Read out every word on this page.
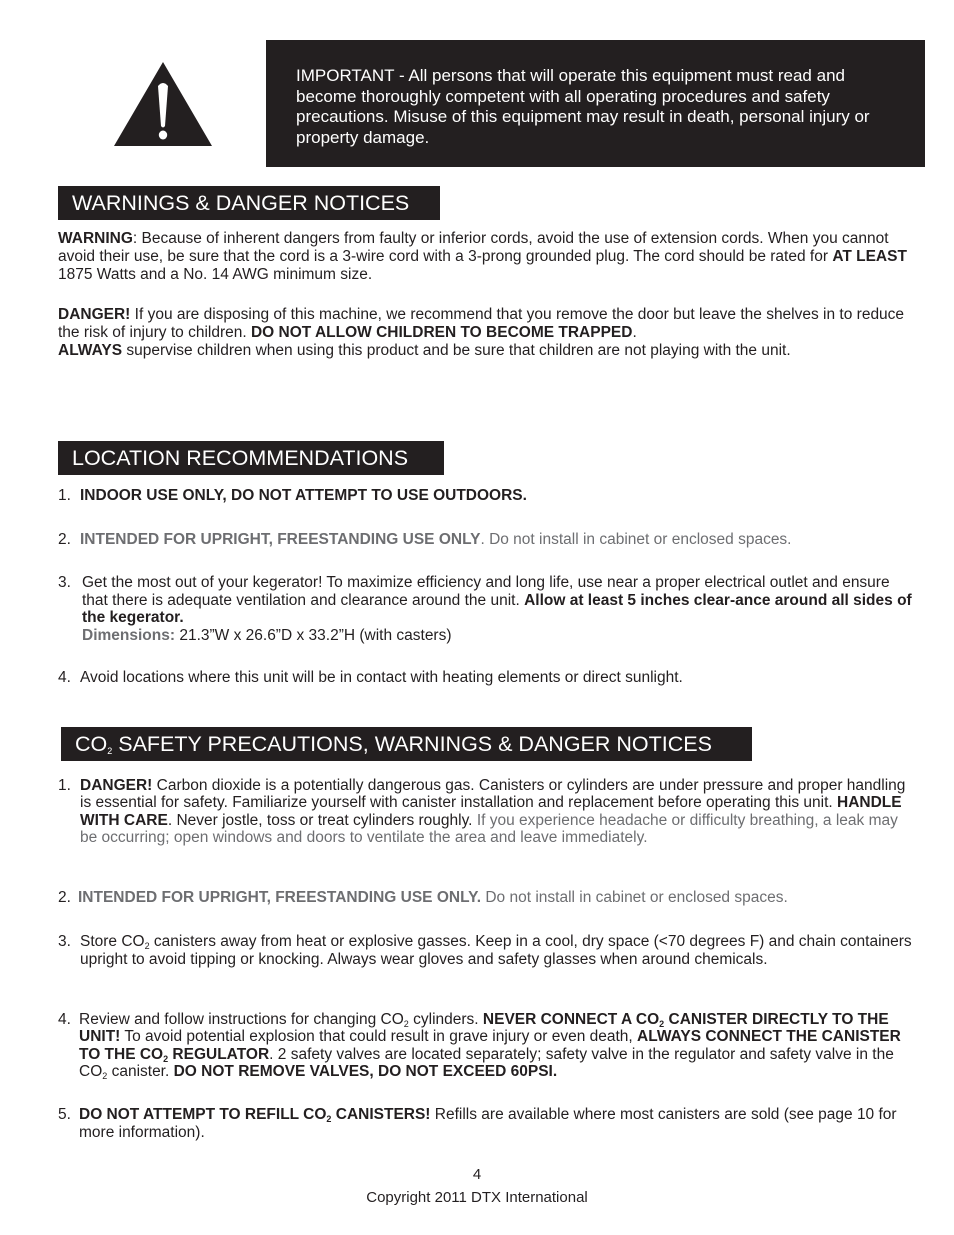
IMPORTANT - All persons that will operate this equipment must read and become thoroughly competent with all operating procedures and safety precautions. Misuse of this equipment may result in death, personal injury or property damage.
WARNINGS & DANGER NOTICES
WARNING: Because of inherent dangers from faulty or inferior cords, avoid the use of extension cords. When you cannot avoid their use, be sure that the cord is a 3-wire cord with a 3-prong grounded plug. The cord should be rated for AT LEAST 1875 Watts and a No. 14 AWG minimum size.
DANGER! If you are disposing of this machine, we recommend that you remove the door but leave the shelves in to reduce the risk of injury to children. DO NOT ALLOW CHILDREN TO BECOME TRAPPED.
ALWAYS supervise children when using this product and be sure that children are not playing with the unit.
LOCATION RECOMMENDATIONS
1. INDOOR USE ONLY, DO NOT ATTEMPT TO USE OUTDOORS.
2. INTENDED FOR UPRIGHT, FREESTANDING USE ONLY. Do not install in cabinet or enclosed spaces.
3. Get the most out of your kegerator! To maximize efficiency and long life, use near a proper electrical outlet and ensure that there is adequate ventilation and clearance around the unit. Allow at least 5 inches clear-ance around all sides of the kegerator.
Dimensions: 21.3”W x 26.6”D x 33.2”H (with casters)
4. Avoid locations where this unit will be in contact with heating elements or direct sunlight.
$CO_2$ SAFETY PRECAUTIONS, WARNINGS & DANGER NOTICES
1. DANGER! Carbon dioxide is a potentially dangerous gas. Canisters or cylinders are under pressure and proper handling is essential for safety. Familiarize yourself with canister installation and replacement before operating this unit. HANDLE WITH CARE. Never jostle, toss or treat cylinders roughly. If you experience headache or difficulty breathing, a leak may be occurring; open windows and doors to ventilate the area and leave immediately.
2. INTENDED FOR UPRIGHT, FREESTANDING USE ONLY. Do not install in cabinet or enclosed spaces.
3. Store $CO_2$ canisters away from heat or explosive gasses. Keep in a cool, dry space (<70 degrees F) and chain containers upright to avoid tipping or knocking. Always wear gloves and safety glasses when around chemicals.
4. Review and follow instructions for changing $CO_2$ cylinders. NEVER CONNECT A $CO_2$ CANISTER DIRECTLY TO THE UNIT! To avoid potential explosion that could result in grave injury or even death, ALWAYS CONNECT THE CANISTER TO THE $CO_2$ REGULATOR. 2 safety valves are located separately; safety valve in the regulator and safety valve in the $CO_2$ canister. DO NOT REMOVE VALVES, DO NOT EXCEED 60PSI.
5. DO NOT ATTEMPT TO REFILL $CO_2$ CANISTERS! Refills are available where most canisters are sold (see page 10 for more information).
4
Copyright 2011 DTX International
